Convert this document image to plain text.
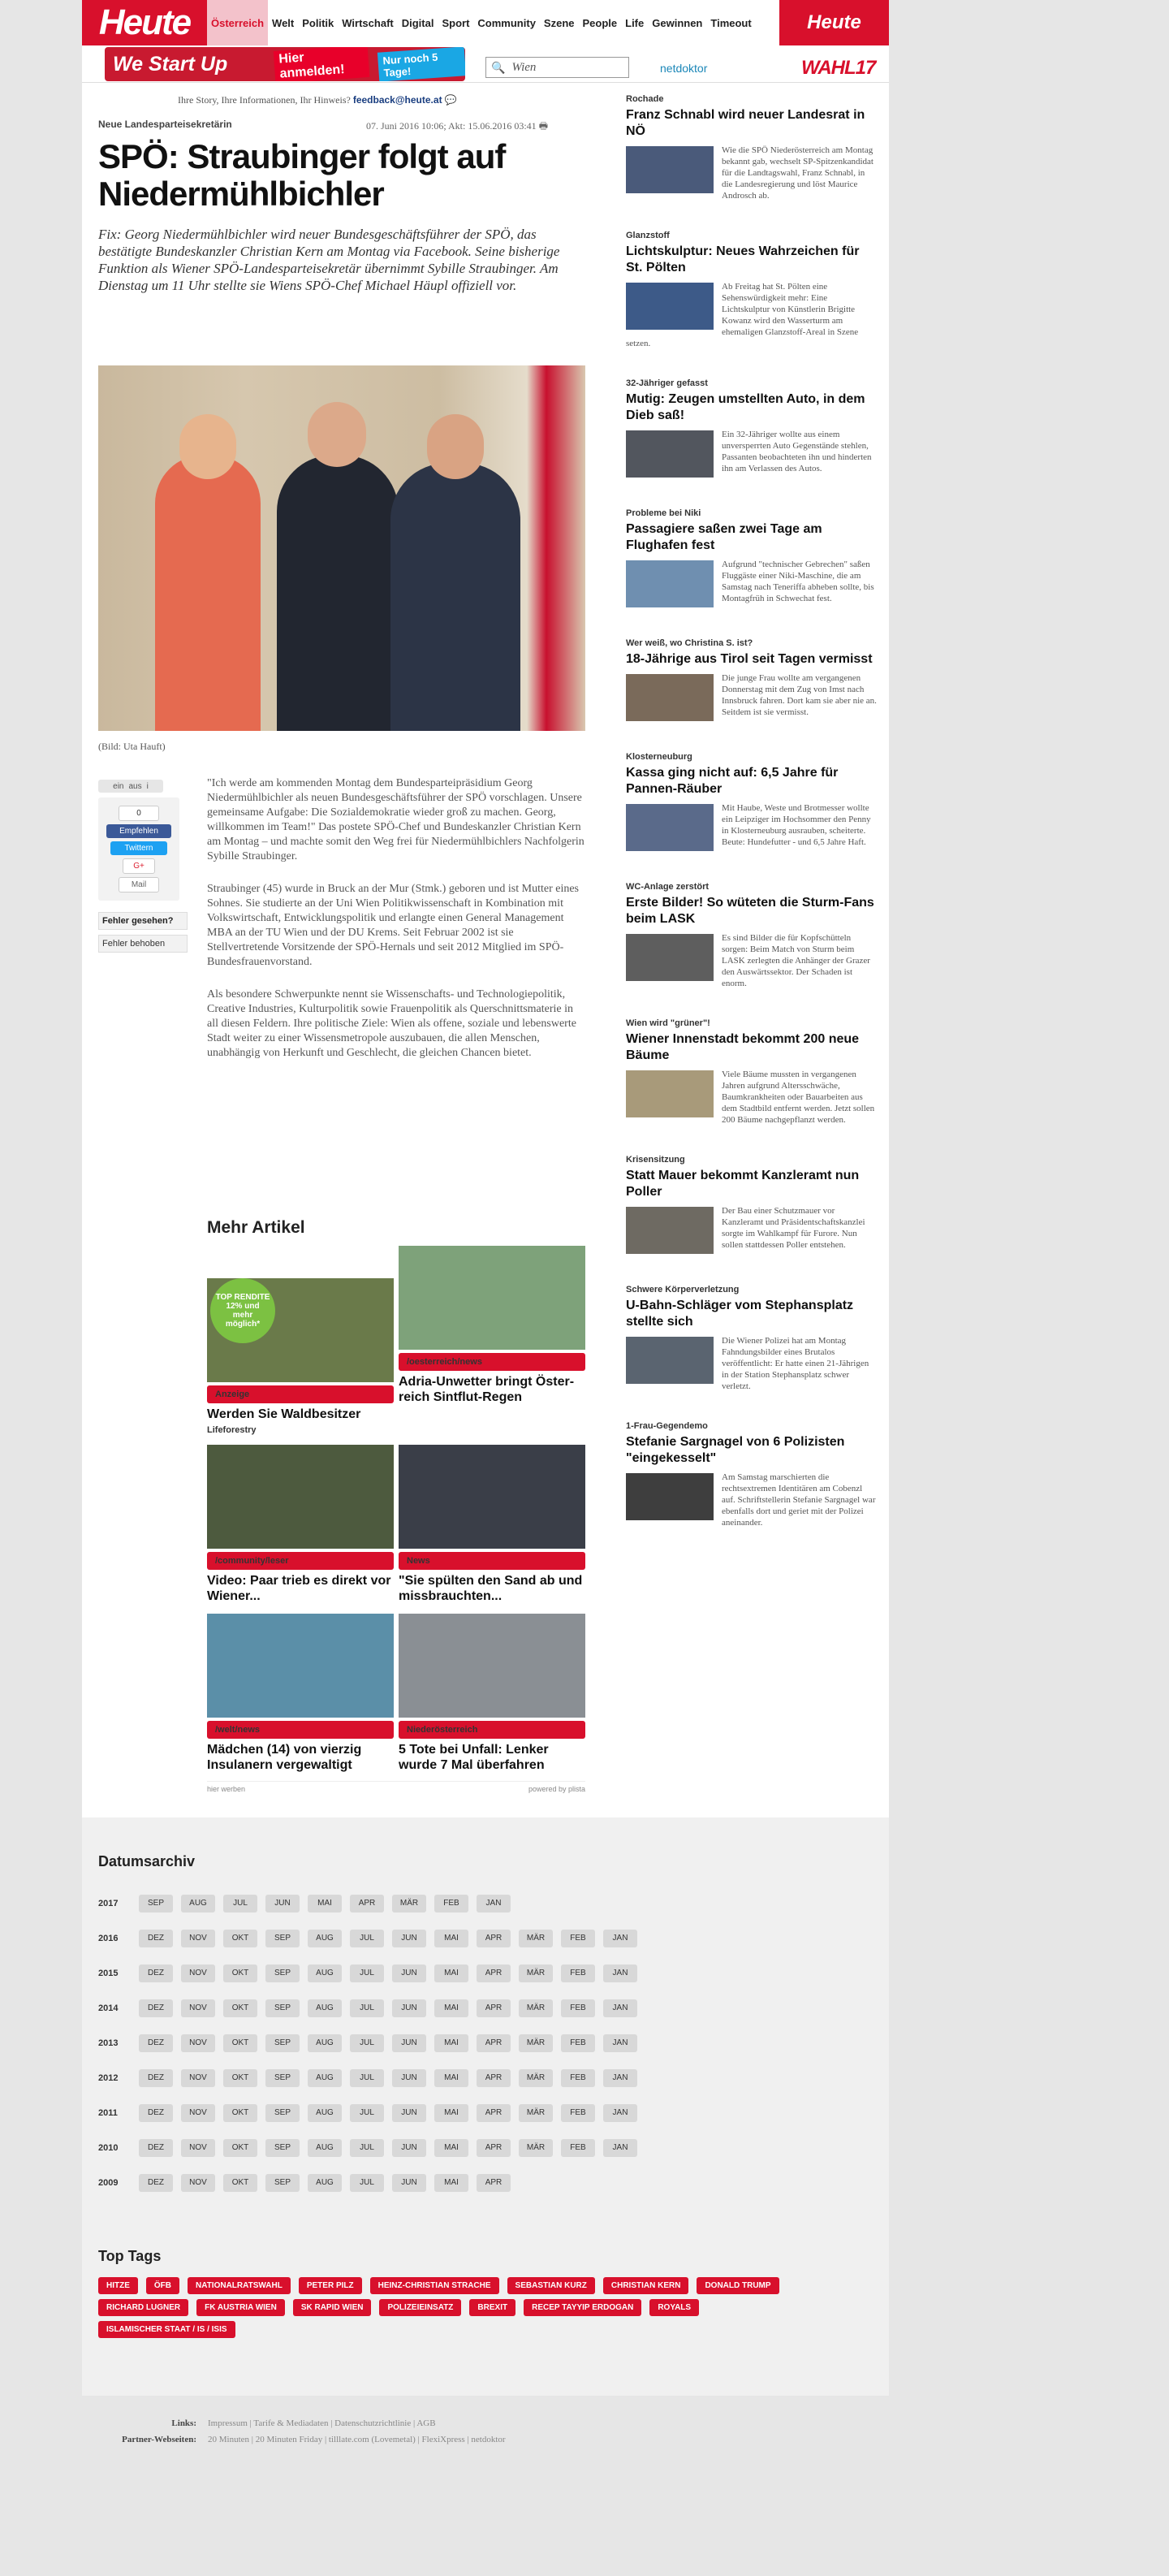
Heute	Österreich Welt Politik Wirtschaft Digital Sport Community Szene People Life Gewinnen Timeout	Heute
We Start Up	Hier anmelden!
Nur noch 5 Tage!	🔍 Wien	netdoktor	WAHL17
Ihre Story, Ihre Informationen, Ihr Hinweis? feedback@heute.at 💬
Neue Landesparteisekretärin	07. Juni 2016 10:06; Akt: 15.06.2016 03:41 🖶
SPÖ: Straubinger folgt auf Niedermühlbichler
Fix: Georg Niedermühlbichler wird neuer Bundesgeschäftsführer der SPÖ, das bestätigte Bundeskanzler Christian Kern am Montag via Facebook. Seine bisherige Funktion als Wiener SPÖ-Landesparteisekretär übernimmt Sybille Straubinger. Am Dienstag um 11 Uhr stellte sie Wiens SPÖ-Chef Michael Häupl offiziell vor.
(Bild: Uta Hauft)
ein aus i
0
Empfehlen
Twittern
G+
Mail
Fehler gesehen?
Fehler behoben

"Ich werde am kommenden Montag dem Bundesparteipräsidium Georg Niedermühlbichler als neuen Bundesgeschäftsführer der SPÖ vorschlagen. Unsere gemeinsame Aufgabe: Die Sozialdemokratie wieder groß zu machen. Georg, willkommen im Team!" Das postete SPÖ-Chef und Bundeskanzler Christian Kern am Montag – und machte somit den Weg frei für Niedermühlbichlers Nachfolgerin Sybille Straubinger.

Straubinger (45) wurde in Bruck an der Mur (Stmk.) geboren und ist Mutter eines Sohnes. Sie studierte an der Uni Wien Politikwissenschaft in Kombination mit Volkswirtschaft, Entwicklungspolitik und erlangte einen General Management MBA an der TU Wien und der DU Krems. Seit Februar 2002 ist sie Stellvertretende Vorsitzende der SPÖ-Hernals und seit 2012 Mitglied im SPÖ-Bundesfrauenvorstand.

Als besondere Schwerpunkte nennt sie Wissenschafts- und Technologiepolitik, Creative Industries, Kulturpolitik sowie Frauenpolitik als Querschnittsmaterie in all diesen Feldern. Ihre politische Ziele: Wien als offene, soziale und lebenswerte Stadt weiter zu einer Wissensmetropole auszubauen, die allen Menschen, unabhängig von Herkunft und Geschlecht, die gleichen Chancen bietet.

Mehr Artikel
TOP RENDITE 12% und mehr möglich*
Anzeige
Werden Sie Waldbesitzer
Lifeforestry
/oesterreich/news
Adria-Unwetter bringt Öster-reich Sintflut-Regen
/community/leser
Video: Paar trieb es direkt vor Wiener...
News
"Sie spülten den Sand ab und missbrauchten...
/welt/news
Mädchen (14) von vierzig Insulanern vergewaltigt
Niederösterreich
5 Tote bei Unfall: Lenker wurde 7 Mal überfahren
hier werben	powered by plista
Rochade
Franz Schnabl wird neuer Landesrat in NÖ
Wie die SPÖ Niederösterreich am Montag bekannt gab, wechselt SP-Spitzenkandidat für die Landtagswahl, Franz Schnabl, in die Landesregierung und löst Maurice Androsch ab.
Glanzstoff
Lichtskulptur: Neues Wahrzeichen für St. Pölten
Ab Freitag hat St. Pölten eine Sehenswürdigkeit mehr: Eine Lichtskulptur von Künstlerin Brigitte Kowanz wird den Wasserturm am ehemaligen Glanzstoff-Areal in Szene setzen.
32-Jähriger gefasst
Mutig: Zeugen umstellten Auto, in dem Dieb saß!
Ein 32-Jähriger wollte aus einem unversperrten Auto Gegenstände stehlen, Passanten beobachteten ihn und hinderten ihn am Verlassen des Autos.
Probleme bei Niki
Passagiere saßen zwei Tage am Flughafen fest
Aufgrund "technischer Gebrechen" saßen Fluggäste einer Niki-Maschine, die am Samstag nach Teneriffa abheben sollte, bis Montagfrüh in Schwechat fest.
Wer weiß, wo Christina S. ist?
18-Jährige aus Tirol seit Tagen vermisst
Die junge Frau wollte am vergangenen Donnerstag mit dem Zug von Imst nach Innsbruck fahren. Dort kam sie aber nie an. Seitdem ist sie vermisst.
Klosterneuburg
Kassa ging nicht auf: 6,5 Jahre für Pannen-Räuber
Mit Haube, Weste und Brotmesser wollte ein Leipziger im Hochsommer den Penny in Klosterneuburg ausrauben, scheiterte. Beute: Hundefutter - und 6,5 Jahre Haft.
WC-Anlage zerstört
Erste Bilder! So wüteten die Sturm-Fans beim LASK
Es sind Bilder die für Kopfschütteln sorgen: Beim Match von Sturm beim LASK zerlegten die Anhänger der Grazer den Auswärtssektor. Der Schaden ist enorm.
Wien wird "grüner"!
Wiener Innenstadt bekommt 200 neue Bäume
Viele Bäume mussten in vergangenen Jahren aufgrund Altersschwäche, Baumkrankheiten oder Bauarbeiten aus dem Stadtbild entfernt werden. Jetzt sollen 200 Bäume nachgepflanzt werden.
Krisensitzung
Statt Mauer bekommt Kanzleramt nun Poller
Der Bau einer Schutzmauer vor Kanzleramt und Präsidentschaftskanzlei sorgte im Wahlkampf für Furore. Nun sollen stattdessen Poller entstehen.
Schwere Körperverletzung
U-Bahn-Schläger vom Stephansplatz stellte sich
Die Wiener Polizei hat am Montag Fahndungsbilder eines Brutalos veröffentlicht: Er hatte einen 21-Jährigen in der Station Stephansplatz schwer verletzt.
1-Frau-Gegendemo
Stefanie Sargnagel von 6 Polizisten "eingekesselt"
Am Samstag marschierten die rechtsextremen Identitären am Cobenzl auf. Schriftstellerin Stefanie Sargnagel war ebenfalls dort und geriet mit der Polizei aneinander.
Datumsarchiv
2017	SEP	AUG	JUL	JUN	MAI	APR	MÄR	FEB	JAN
2016	DEZ	NOV	OKT	SEP	AUG	JUL	JUN	MAI	APR	MÄR	FEB	JAN
2015	DEZ	NOV	OKT	SEP	AUG	JUL	JUN	MAI	APR	MÄR	FEB	JAN
2014	DEZ	NOV	OKT	SEP	AUG	JUL	JUN	MAI	APR	MÄR	FEB	JAN
2013	DEZ	NOV	OKT	SEP	AUG	JUL	JUN	MAI	APR	MÄR	FEB	JAN
2012	DEZ	NOV	OKT	SEP	AUG	JUL	JUN	MAI	APR	MÄR	FEB	JAN
2011	DEZ	NOV	OKT	SEP	AUG	JUL	JUN	MAI	APR	MÄR	FEB	JAN
2010	DEZ	NOV	OKT	SEP	AUG	JUL	JUN	MAI	APR	MÄR	FEB	JAN
2009	DEZ	NOV	OKT	SEP	AUG	JUL	JUN	MAI	APR
Top Tags
HITZE	ÖFB	NATIONALRATSWAHL	PETER PILZ	HEINZ-CHRISTIAN STRACHE	SEBASTIAN KURZ	CHRISTIAN KERN	DONALD TRUMP
RICHARD LUGNER	FK AUSTRIA WIEN	SK RAPID WIEN	POLIZEIEINSATZ	BREXIT	RECEP TAYYIP ERDOGAN	ROYALS
ISLAMISCHER STAAT / IS / ISIS
Links: Impressum | Tarife & Mediadaten | Datenschutzrichtlinie | AGB
Partner-Webseiten: 20 Minuten | 20 Minuten Friday | tilllate.com (Lovemetal) | FlexiXpress | netdoktor
